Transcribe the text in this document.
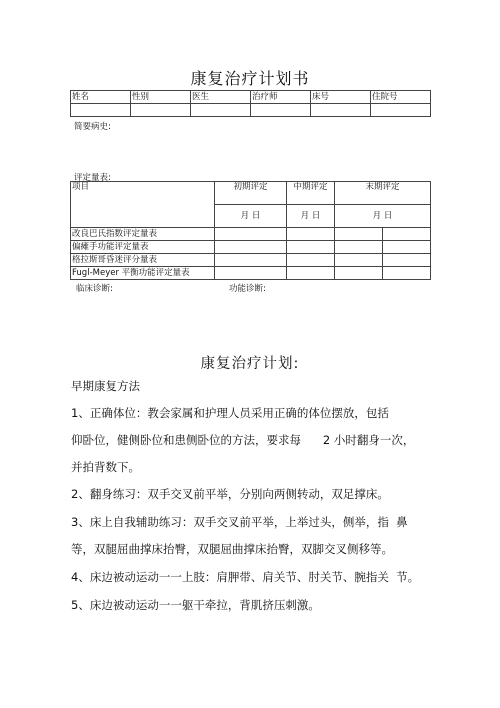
康复治疗计划书
姓名	性别	医生	治疗师	床号	住院号

简要病史:
评定量表:
项目	初期评定	中期评定	末期评定	
	月 日	月 日	月 日	
改良巴氏指数评定量表				
偏瘫手功能评定量表				
格拉斯哥昏迷评分量表				
Fugl-Meyer 平衡功能评定量表				
临床诊断:	功能诊断:
康复治疗计划:
早期康复方法
1、正确体位：教会家属和护理人员采用正确的体位摆放，包括
仰卧位，健侧卧位和患侧卧位的方法，要求每      2 小时翻身一次，
并拍背数下。
2、翻身练习：双手交叉前平举，分别向两侧转动，双足撑床。
3、床上自我辅助练习：双手交叉前平举，上举过头，侧举，指  鼻
等，双腿屈曲撑床抬臀，双腿屈曲撑床抬臀，双脚交叉侧移等。
4、床边被动运动一一上肢：肩胛带、肩关节、肘关节、腕指关  节。
5、床边被动运动一一躯干牵拉，背肌挤压刺激。
